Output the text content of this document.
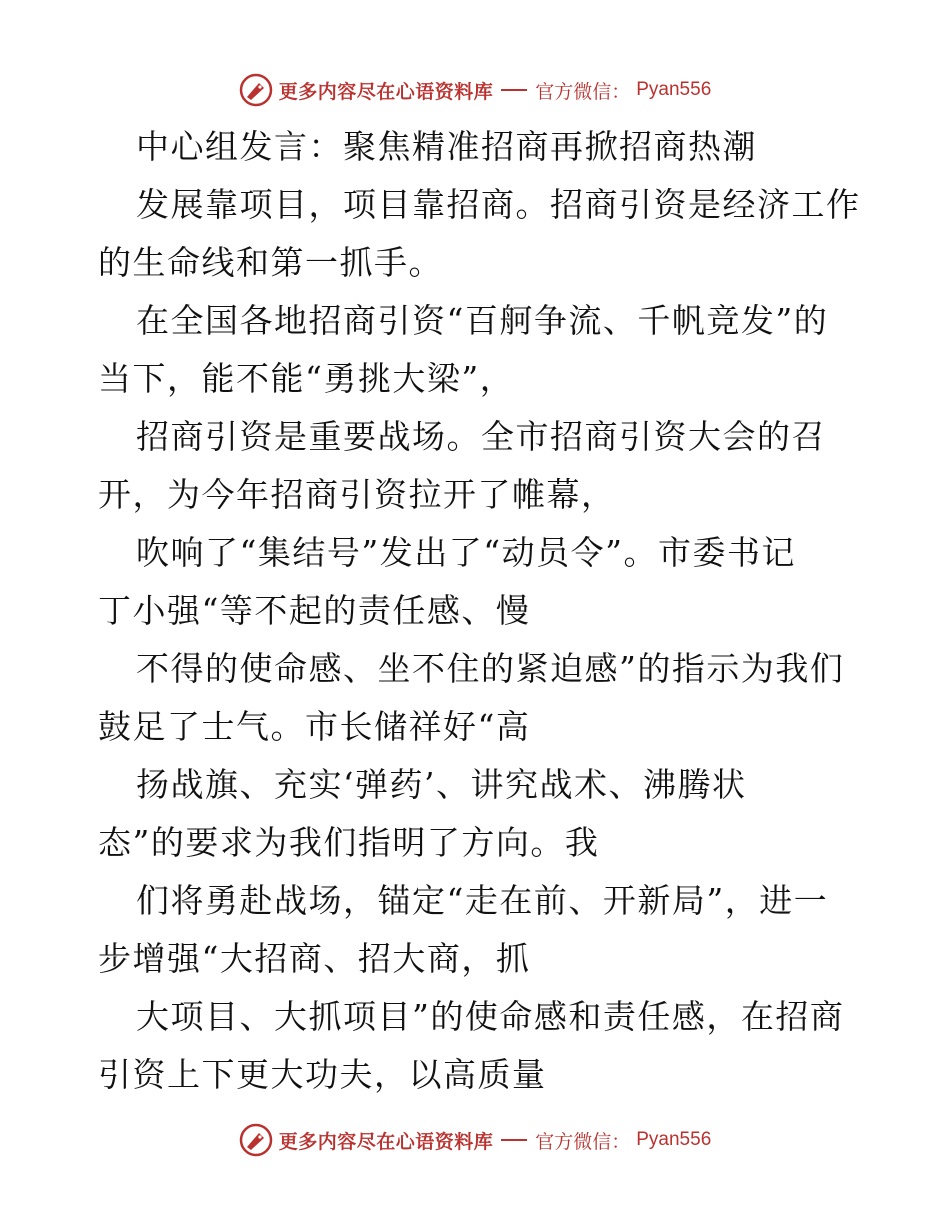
更多内容尽在心语资料库 官方微信： Pyan556
中心组发言：聚焦精准招商再掀招商热潮
发展靠项目，项目靠招商。招商引资是经济工作
的生命线和第一抓手。
在全国各地招商引资“百舸争流、千帆竞发”的
当下，能不能“勇挑大梁”，
招商引资是重要战场。全市招商引资大会的召
开，为今年招商引资拉开了帷幕，
吹响了“集结号”发出了“动员令”。市委书记
丁小强“等不起的责任感、慢
不得的使命感、坐不住的紧迫感”的指示为我们
鼓足了士气。市长储祥好“高
扬战旗、充实‘弹药’、讲究战术、沸腾状
态”的要求为我们指明了方向。我
们将勇赴战场，锚定“走在前、开新局”，进一
步增强“大招商、招大商，抓
大项目、大抓项目”的使命感和责任感，在招商
引资上下更大功夫，以高质量
更多内容尽在心语资料库 官方微信： Pyan556
